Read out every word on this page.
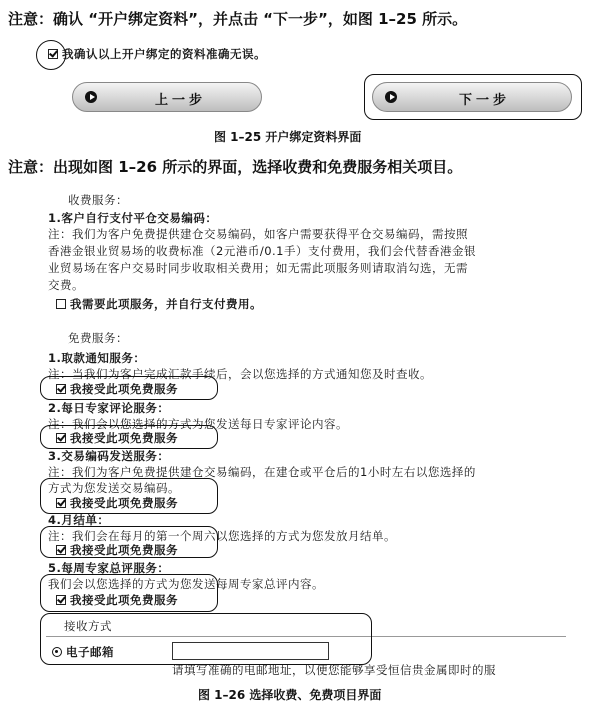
注意：确认 “开户绑定资料”，并点击 “下一步”，如图 1–25 所示。
我确认以上开户绑定的资料准确无误。
上一步	下一步
图 1–25 开户绑定资料界面
注意：出现如图 1–26 所示的界面，选择收费和免费服务相关项目。
收费服务：
1.客户自行支付平仓交易编码：
注：我们为客户免费提供建仓交易编码，如客户需要获得平仓交易编码，需按照
香港金银业贸易场的收费标准（2元港币/0.1手）支付费用，我们会代替香港金银
业贸易场在客户交易时同步收取相关费用；如无需此项服务则请取消勾选，无需
交费。
我需要此项服务，并自行支付费用。
免费服务：
1.取款通知服务：
注：当我们为客户完成汇款手续后，会以您选择的方式通知您及时查收。
我接受此项免费服务
2.每日专家评论服务：
注：我们会以您选择的方式为您发送每日专家评论内容。
我接受此项免费服务
3.交易编码发送服务：
注：我们为客户免费提供建仓交易编码，在建仓或平仓后的1小时左右以您选择的
方式为您发送交易编码。
我接受此项免费服务
4.月结单：
注：我们会在每月的第一个周六以您选择的方式为您发放月结单。
我接受此项免费服务
5.每周专家总评服务：
我们会以您选择的方式为您发送每周专家总评内容。
我接受此项免费服务
接收方式
电子邮箱
请填写准确的电邮地址，以便您能够享受恒信贵金属即时的服
图 1–26 选择收费、免费项目界面
